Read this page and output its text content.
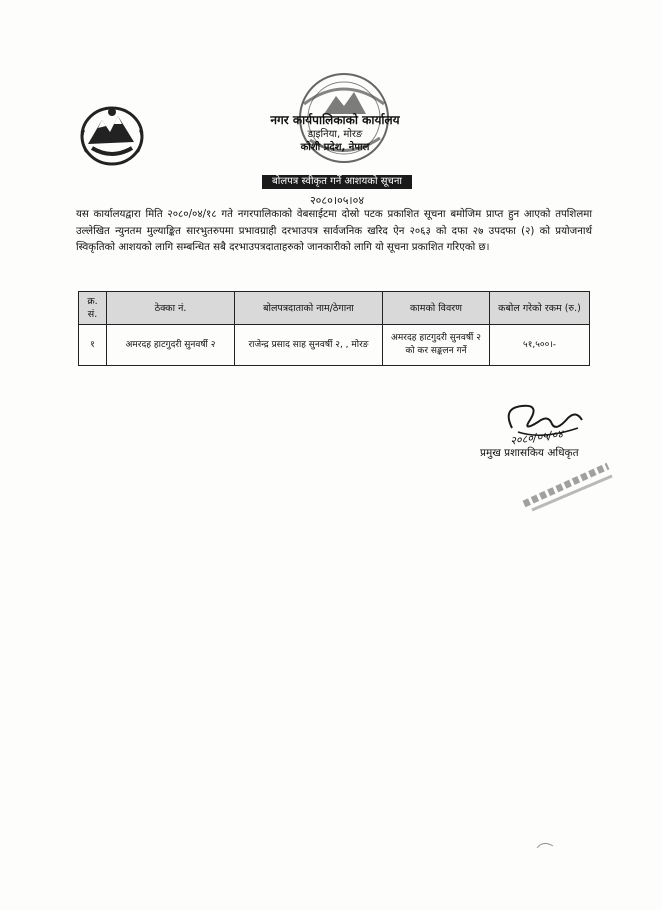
नगर कार्यपालिकाको कार्यालय
डाइनिया, मोरङ
कोशी प्रदेश, नेपाल
बोलपत्र स्वीकृत गर्ने आशयको सूचना
२०८०।०५।०४

यस कार्यालयद्वारा मिति २०८०/०४/१८ गते नगरपालिकाको वेबसाईटमा दोस्रो पटक प्रकाशित सूचना बमोजिम प्राप्त हुन आएको तपशिलमा उल्लेखित न्युनतम मुल्याङ्कित सारभुतरुपमा प्रभावग्राही दरभाउपत्र सार्वजनिक खरिद ऐन २०६३ को दफा २७ उपदफा (२) को प्रयोजनार्थ स्विकृतिको आशयको लागि सम्बन्धित सबै दरभाउपत्रदाताहरुको जानकारीको लागि यो सूचना प्रकाशित गरिएको छ।

क्र. सं.	ठेक्का नं.	बोलपत्रदाताको नाम/ठेगाना	कामको विवरण	कबोल गरेको रकम (रु.)
१	अमरदह हाटगुदरी सुनवर्षी २	राजेन्द्र प्रसाद साह सुनवर्षी २, , मोरङ	अमरदह हाटगुदरी सुनवर्षी २ को कर सङ्कलन गर्ने	५१,५००।-
२०८०/०५/०४
प्रमुख प्रशासकिय अधिकृत
